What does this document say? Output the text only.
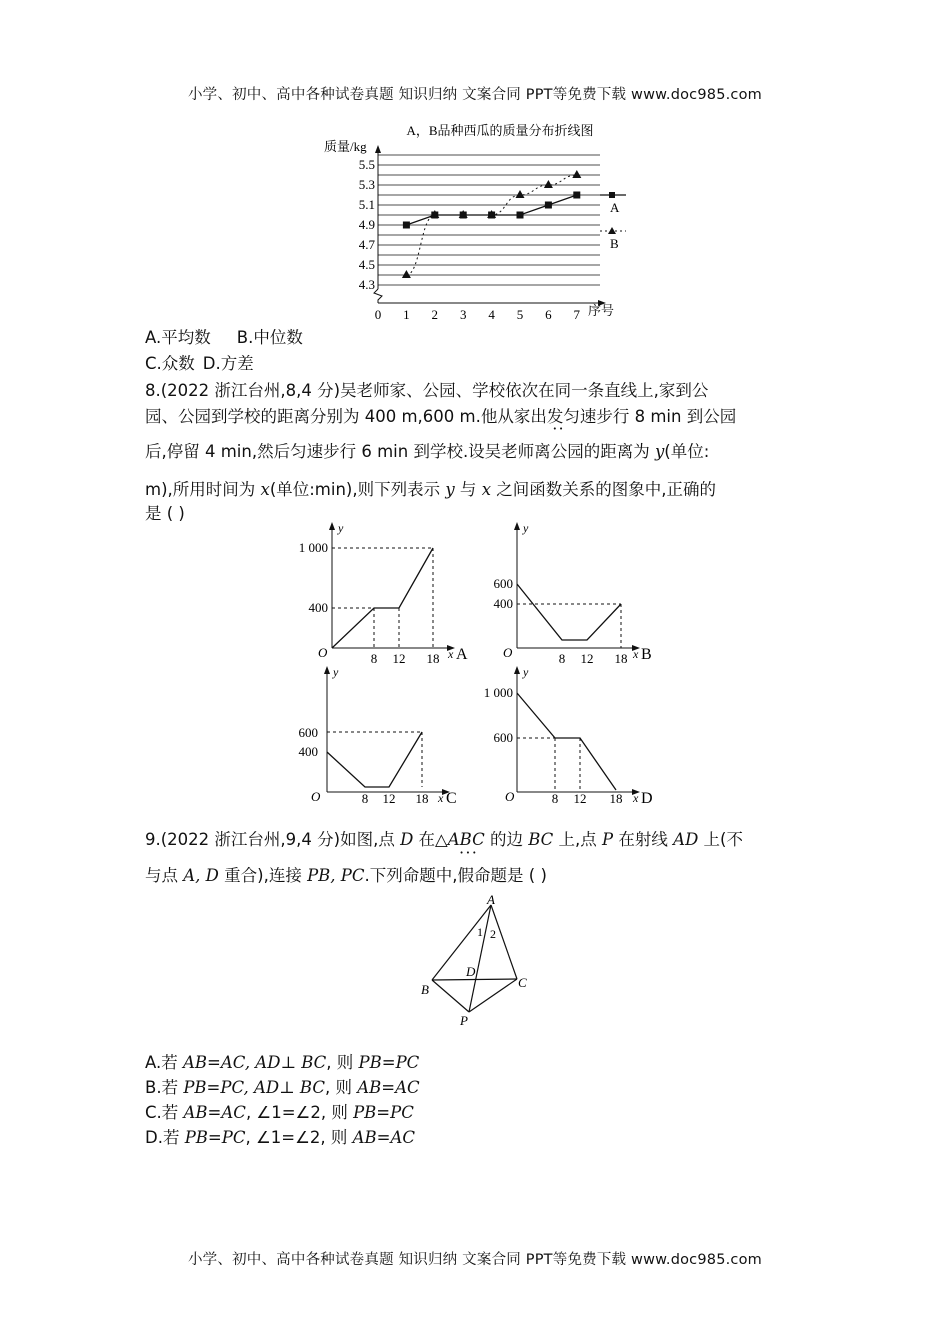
小学、初中、高中各种试卷真题 知识归纳 文案合同 PPT等免费下载 www.doc985.com
A，B品种西瓜的质量分布折线图
质量/kg
4.3
4.5
4.7
4.9
5.1
5.3
5.5
0 1 2 3 4 5 6 7 序号
A
B
A.平均数 B.中位数
C.众数 D.方差
8.(2022 浙江台州,8,4 分)吴老师家、公园、学校依次在同一条直线上,家到公
园、公园到学校的距离分别为 400 m,600 m.他从家出发匀速步行 8 min 到公园
后,停留 4 min,然后匀速步行 6 min 到学校.设吴老师离公园 • •的距离为 y(单位:
m),所用时间为 x(单位:min),则下列表示 y 与 x 之间函数关系的图象中,正确的
是 ( )
y
O	x A
1 000
400
8 12 18
y
O	x B
600
400
8 12 18
y
O	x C
600
400
8 12 18
y
O	x D
1 000
600
8 12 18
9.(2022 浙江台州,9,4 分)如图,点 D 在△ABC 的边 BC 上,点 P 在射线 AD 上(不
与点 A, D 重合),连接 PB, PC.下列命题中,假命题 • • •是 ( )
A
B	C
D
P
1 2
A.若 AB=AC, AD⊥ BC, 则 PB=PC
B.若 PB=PC, AD⊥ BC, 则 AB=AC
C.若 AB=AC, ∠1=∠2, 则 PB=PC
D.若 PB=PC, ∠1=∠2, 则 AB=AC
小学、初中、高中各种试卷真题 知识归纳 文案合同 PPT等免费下载 www.doc985.com
